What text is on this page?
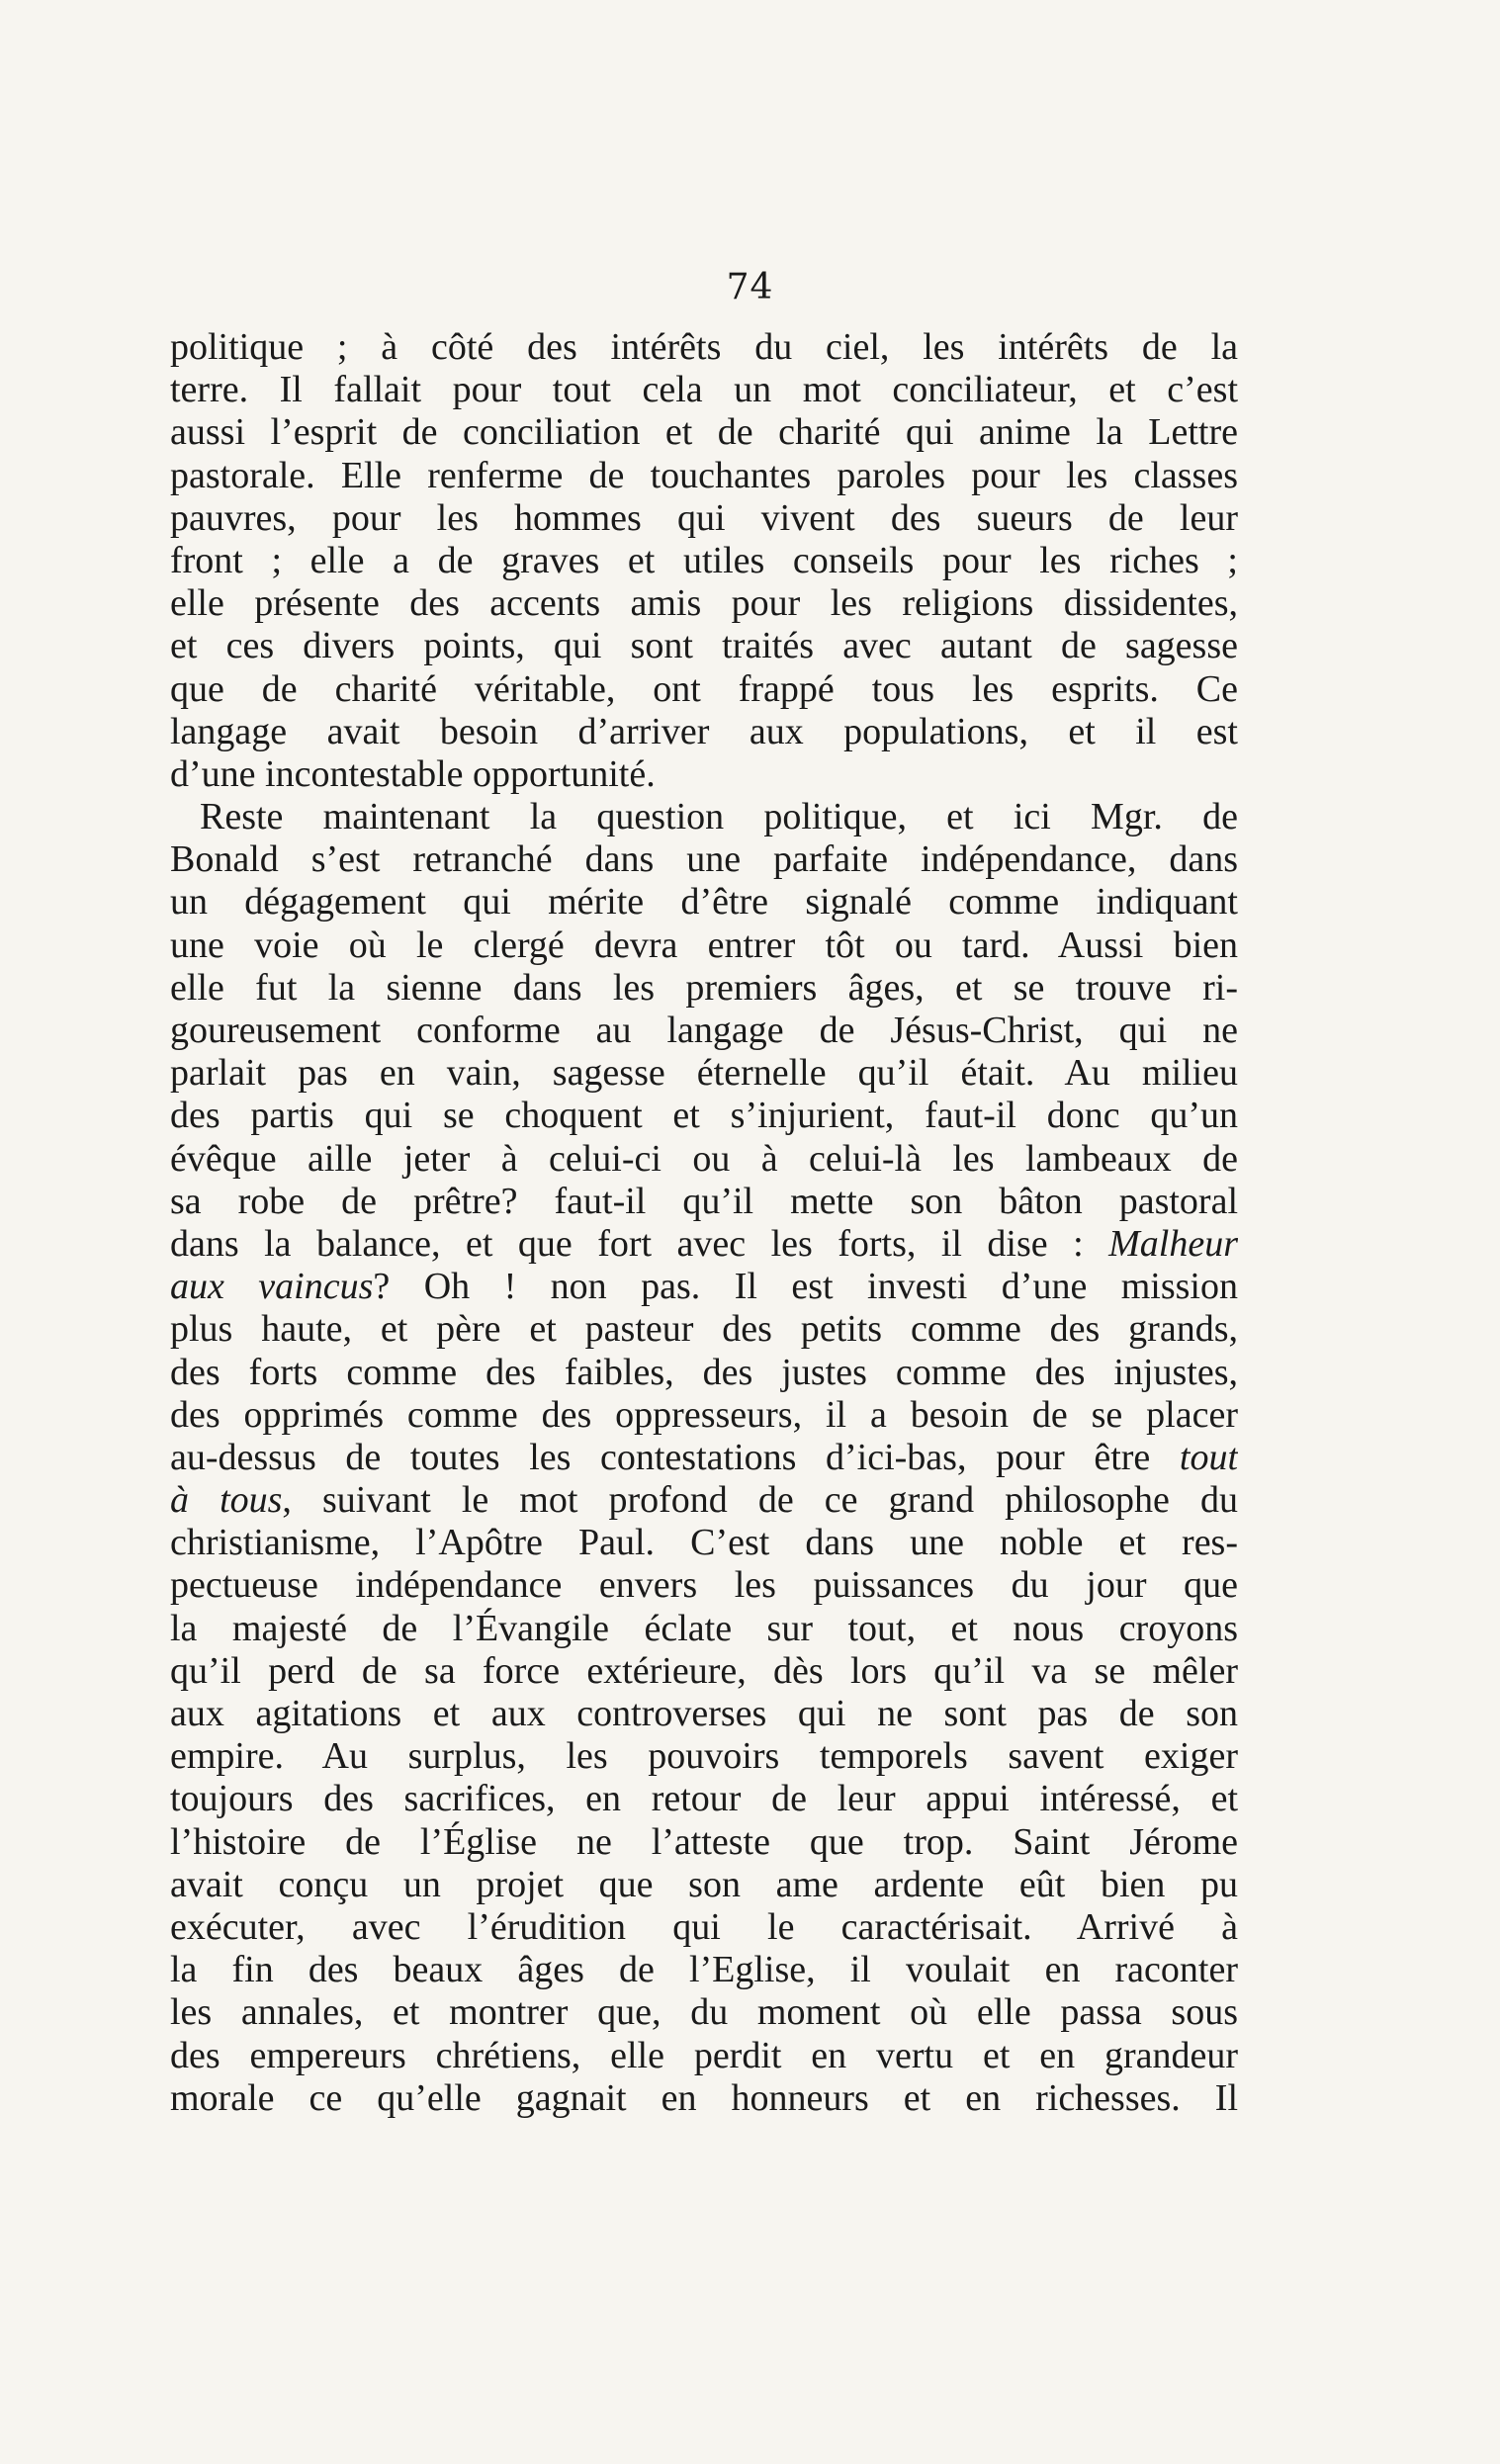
74
politique ; à côté des intérêts du ciel, les intérêts de la
terre. Il fallait pour tout cela un mot conciliateur, et c’est
aussi l’esprit de conciliation et de charité qui anime la Lettre
pastorale. Elle renferme de touchantes paroles pour les classes
pauvres, pour les hommes qui vivent des sueurs de leur
front ; elle a de graves et utiles conseils pour les riches ;
elle présente des accents amis pour les religions dissidentes,
et ces divers points, qui sont traités avec autant de sagesse
que de charité véritable, ont frappé tous les esprits. Ce
langage avait besoin d’arriver aux populations, et il est
d’une incontestable opportunité.
Reste maintenant la question politique, et ici Mgr. de
Bonald s’est retranché dans une parfaite indépendance, dans
un dégagement qui mérite d’être signalé comme indiquant
une voie où le clergé devra entrer tôt ou tard. Aussi bien
elle fut la sienne dans les premiers âges, et se trouve ri-
goureusement conforme au langage de Jésus-Christ, qui ne
parlait pas en vain, sagesse éternelle qu’il était. Au milieu
des partis qui se choquent et s’injurient, faut-il donc qu’un
évêque aille jeter à celui-ci ou à celui-là les lambeaux de
sa robe de prêtre? faut-il qu’il mette son bâton pastoral
dans la balance, et que fort avec les forts, il dise : Malheur
aux vaincus? Oh ! non pas. Il est investi d’une mission
plus haute, et père et pasteur des petits comme des grands,
des forts comme des faibles, des justes comme des injustes,
des opprimés comme des oppresseurs, il a besoin de se placer
au-dessus de toutes les contestations d’ici-bas, pour être tout
à tous, suivant le mot profond de ce grand philosophe du
christianisme, l’Apôtre Paul. C’est dans une noble et res-
pectueuse indépendance envers les puissances du jour que
la majesté de l’Évangile éclate sur tout, et nous croyons
qu’il perd de sa force extérieure, dès lors qu’il va se mêler
aux agitations et aux controverses qui ne sont pas de son
empire. Au surplus, les pouvoirs temporels savent exiger
toujours des sacrifices, en retour de leur appui intéressé, et
l’histoire de l’Église ne l’atteste que trop. Saint Jérome
avait conçu un projet que son ame ardente eût bien pu
exécuter, avec l’érudition qui le caractérisait. Arrivé à
la fin des beaux âges de l’Eglise, il voulait en raconter
les annales, et montrer que, du moment où elle passa sous
des empereurs chrétiens, elle perdit en vertu et en grandeur
morale ce qu’elle gagnait en honneurs et en richesses. Il
